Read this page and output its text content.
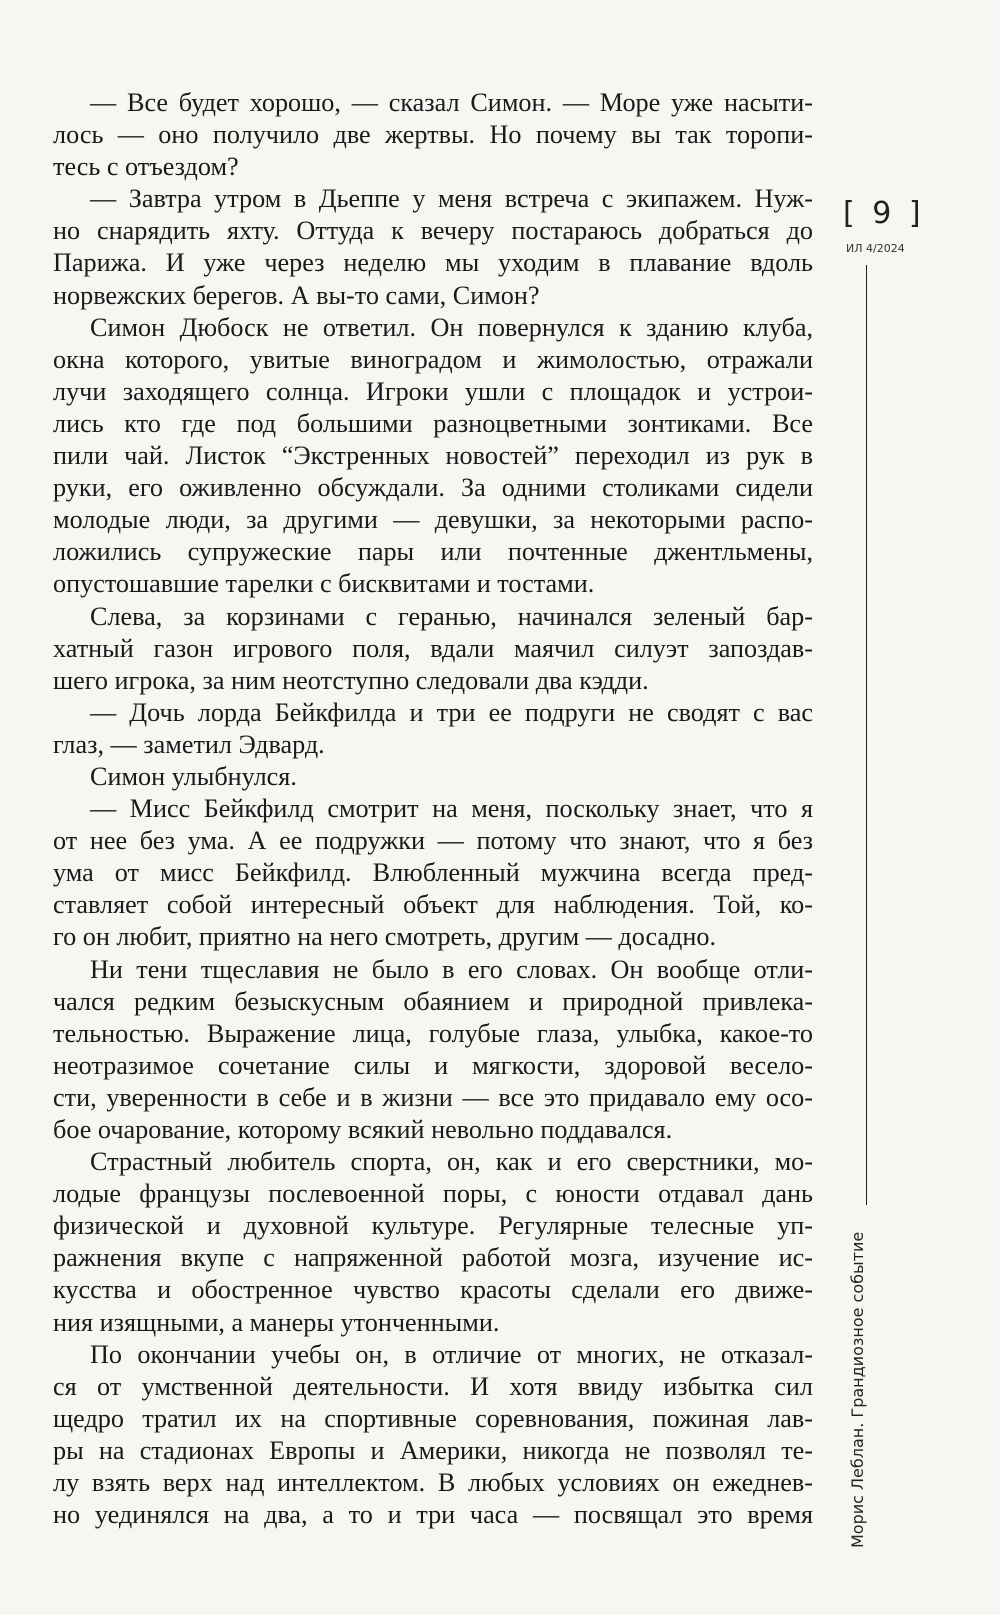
— Все будет хорошо, — сказал Симон. — Море уже насыти-
лось — оно получило две жертвы. Но почему вы так торопи-
тесь с отъездом?

— Завтра утром в Дьеппе у меня встреча с экипажем. Нуж-
но снарядить яхту. Оттуда к вечеру постараюсь добраться до
Парижа. И уже через неделю мы уходим в плавание вдоль
норвежских берегов. А вы-то сами, Симон?

Симон Дюбоск не ответил. Он повернулся к зданию клуба,
окна которого, увитые виноградом и жимолостью, отражали
лучи заходящего солнца. Игроки ушли с площадок и устрои-
лись кто где под большими разноцветными зонтиками. Все
пили чай. Листок “Экстренных новостей” переходил из рук в
руки, его оживленно обсуждали. За одними столиками сидели
молодые люди, за другими — девушки, за некоторыми распо-
ложились супружеские пары или почтенные джентльмены,
опустошавшие тарелки с бисквитами и тостами.

Слева, за корзинами с геранью, начинался зеленый бар-
хатный газон игрового поля, вдали маячил силуэт запоздав-
шего игрока, за ним неотступно следовали два кэдди.

— Дочь лорда Бейкфилда и три ее подруги не сводят с вас
глаз, — заметил Эдвард.

Симон улыбнулся.

— Мисс Бейкфилд смотрит на меня, поскольку знает, что я
от нее без ума. А ее подружки — потому что знают, что я без
ума от мисс Бейкфилд. Влюбленный мужчина всегда пред-
ставляет собой интересный объект для наблюдения. Той, ко-
го он любит, приятно на него смотреть, другим — досадно.

Ни тени тщеславия не было в его словах. Он вообще отли-
чался редким безыскусным обаянием и природной привлека-
тельностью. Выражение лица, голубые глаза, улыбка, какое-то
неотразимое сочетание силы и мягкости, здоровой весело-
сти, уверенности в себе и в жизни — все это придавало ему осо-
бое очарование, которому всякий невольно поддавался.

Страстный любитель спорта, он, как и его сверстники, мо-
лодые французы послевоенной поры, с юности отдавал дань
физической и духовной культуре. Регулярные телесные уп-
ражнения вкупе с напряженной работой мозга, изучение ис-
кусства и обостренное чувство красоты сделали его движе-
ния изящными, а манеры утонченными.

По окончании учебы он, в отличие от многих, не отказал-
ся от умственной деятельности. И хотя ввиду избытка сил
щедро тратил их на спортивные соревнования, пожиная лав-
ры на стадионах Европы и Америки, никогда не позволял те-
лу взять верх над интеллектом. В любых условиях он ежеднев-
но уединялся на два, а то и три часа — посвящал это время

[ 9 ]
ИЛ 4/2024
Морис Леблан. Грандиозное событие
